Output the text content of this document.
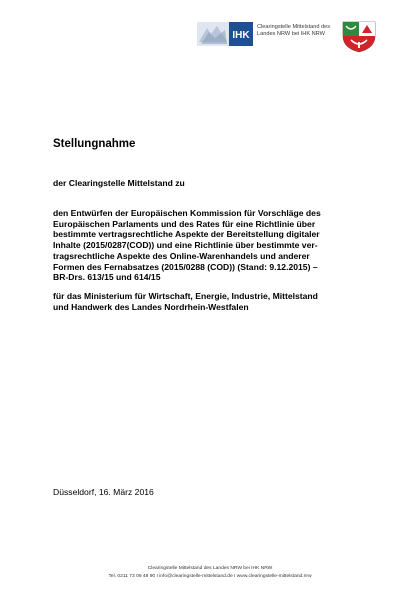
IHK
Clearingstelle Mittelstand des
Landes NRW bei IHK NRW
Stellungnahme

der Clearingstelle Mittelstand zu

den Entwürfen der Europäischen Kommission für Vorschläge des
Europäischen Parlaments und des Rates für eine Richtlinie über
bestimmte vertragsrechtliche Aspekte der Bereitstellung digitaler
Inhalte (2015/0287(COD)) und eine Richtlinie über bestimmte ver-
tragsrechtliche Aspekte des Online-Warenhandels und anderer
Formen des Fernabsatzes (2015/0288 (COD)) (Stand: 9.12.2015) –
BR-Drs. 613/15 und 614/15
für das Ministerium für Wirtschaft, Energie, Industrie, Mittelstand
und Handwerk des Landes Nordrhein-Westfalen

Düsseldorf, 16. März 2016

Clearingstelle Mittelstand des Landes NRW bei IHK NRW

Tel. 0211 73 06 48 90 I info@clearingstelle-mittelstand.de I www.clearingstelle-mittelstand.nrw
